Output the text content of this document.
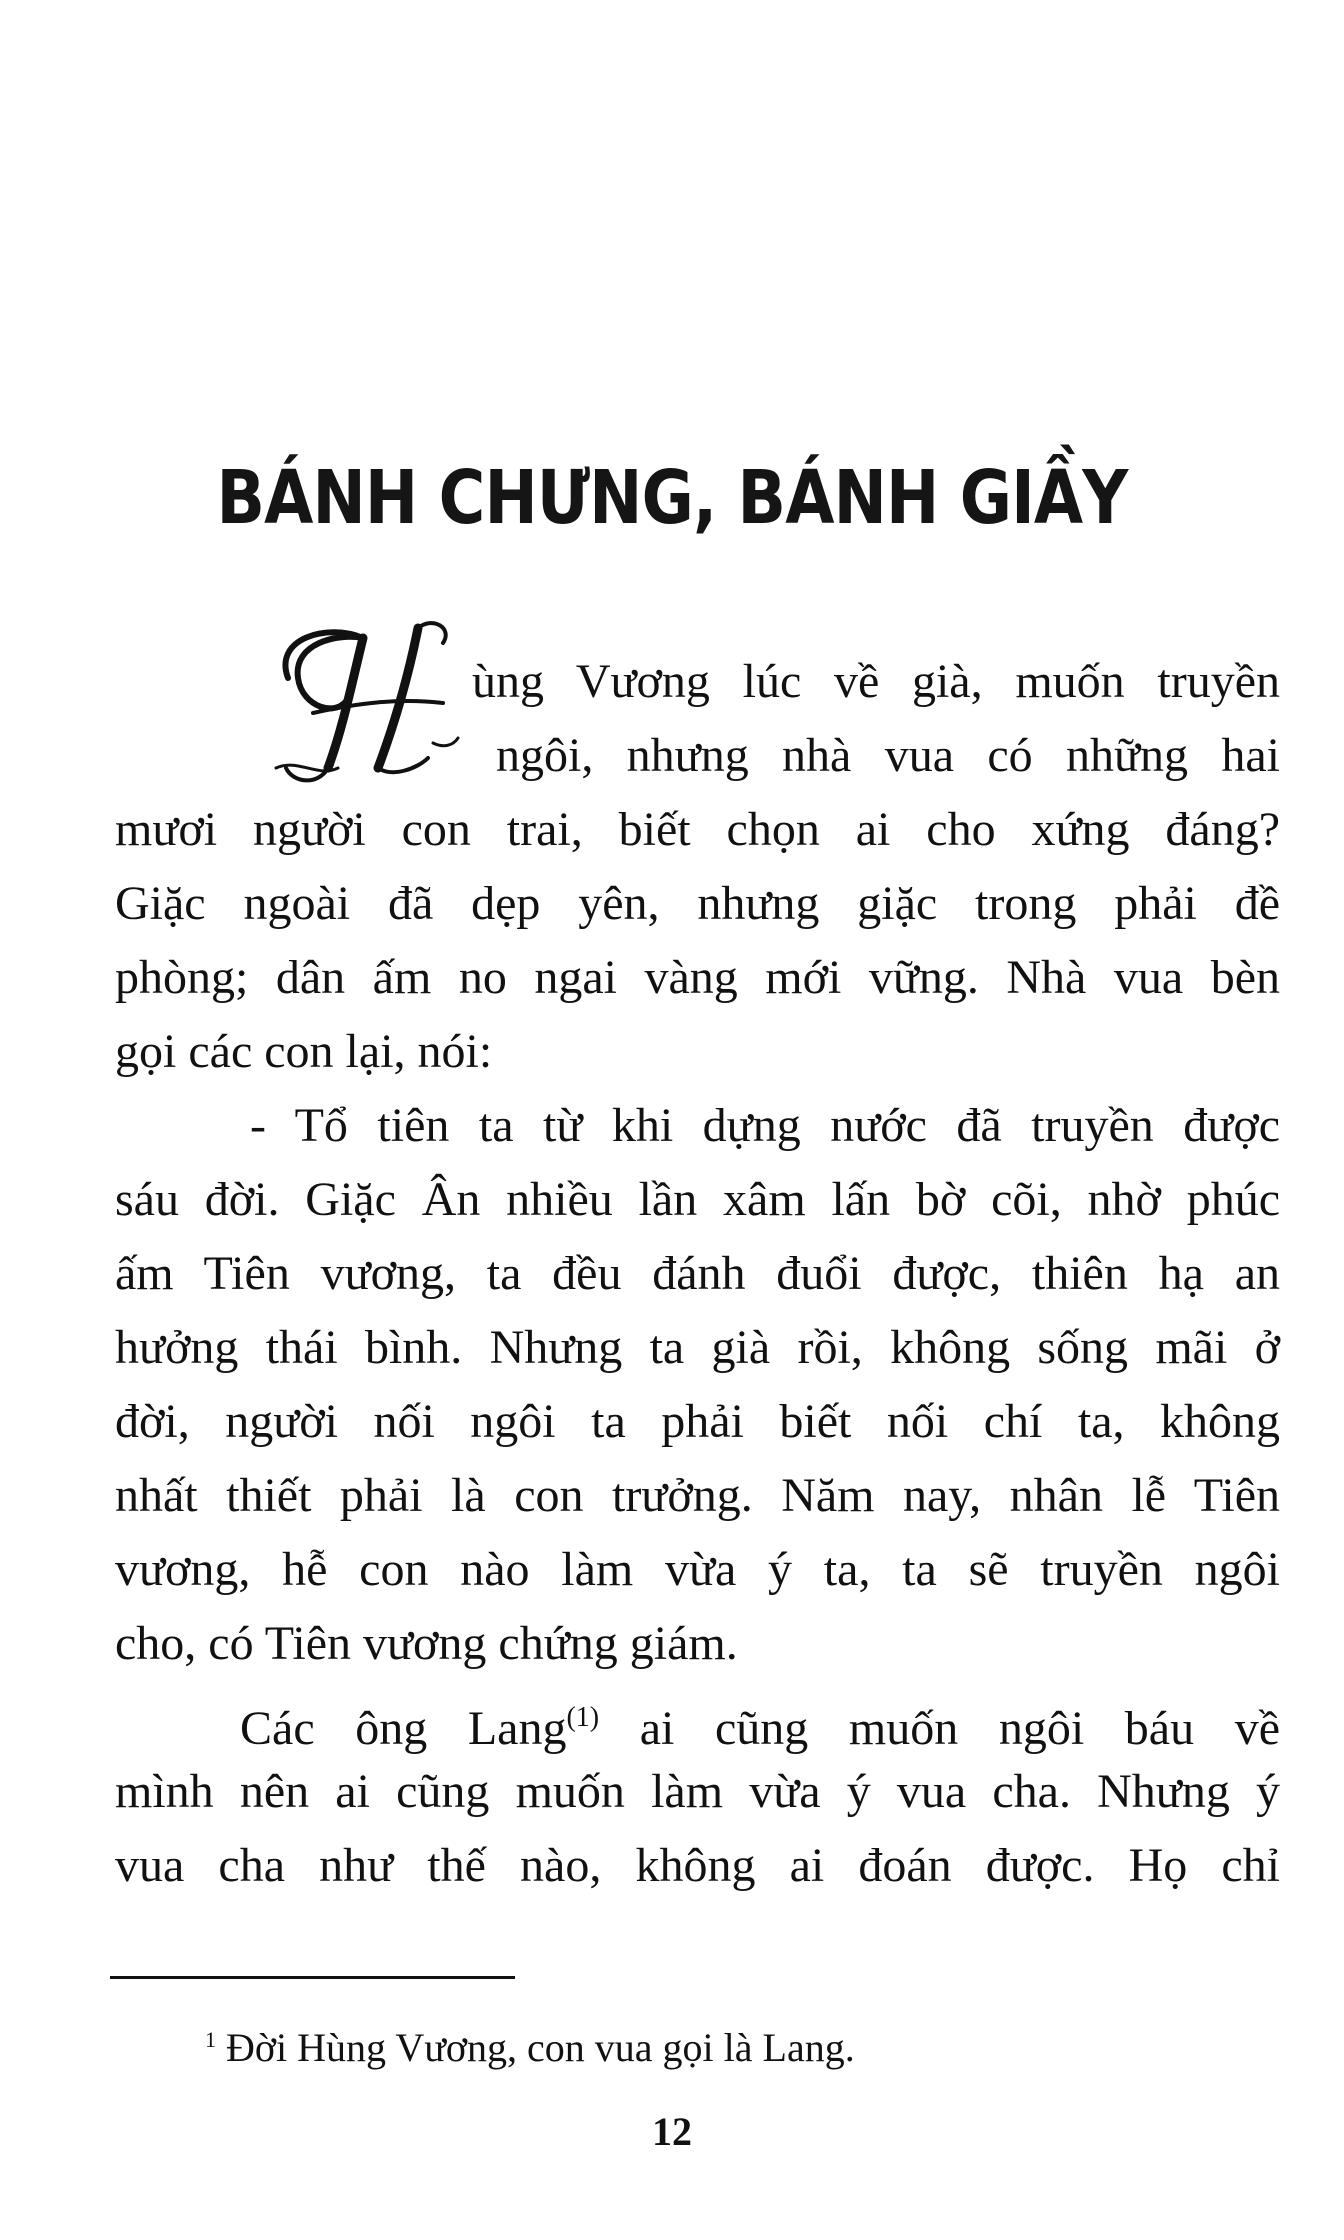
BÁNH CHƯNG, BÁNH GIẦY
ùng Vương lúc về già, muốn truyền
ngôi, nhưng nhà vua có những hai
mươi người con trai, biết chọn ai cho xứng đáng?
Giặc ngoài đã dẹp yên, nhưng giặc trong phải đề
phòng; dân ấm no ngai vàng mới vững. Nhà vua bèn
gọi các con lại, nói:
- Tổ tiên ta từ khi dựng nước đã truyền được
sáu đời. Giặc Ân nhiều lần xâm lấn bờ cõi, nhờ phúc
ấm Tiên vương, ta đều đánh đuổi được, thiên hạ an
hưởng thái bình. Nhưng ta già rồi, không sống mãi ở
đời, người nối ngôi ta phải biết nối chí ta, không
nhất thiết phải là con trưởng. Năm nay, nhân lễ Tiên
vương, hễ con nào làm vừa ý ta, ta sẽ truyền ngôi
cho, có Tiên vương chứng giám.
Các ông Lang$^{(1)}$ ai cũng muốn ngôi báu về
mình nên ai cũng muốn làm vừa ý vua cha. Nhưng ý
vua cha như thế nào, không ai đoán được. Họ chỉ
$^1$ Đời Hùng Vương, con vua gọi là Lang.
12
